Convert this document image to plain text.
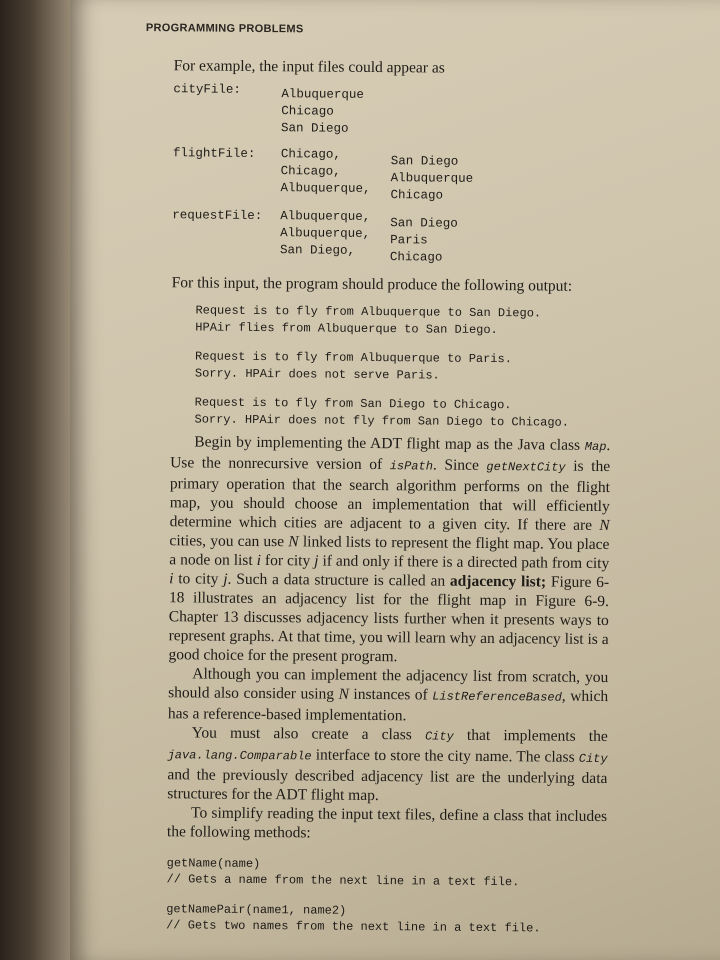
PROGRAMMING PROBLEMS

For example, the input files could appear as

cityFile:	Albuquerque
Chicago
San Diego
flightFile: Chicago,
Chicago,
Albuquerque,
San Diego
Albuquerque
Chicago
requestFile: Albuquerque,
Albuquerque,
San Diego,
San Diego
Paris
Chicago

For this input, the program should produce the following output:

Request is to fly from Albuquerque to San Diego.
HPAir flies from Albuquerque to San Diego.
Request is to fly from Albuquerque to Paris.
Sorry. HPAir does not serve Paris.
Request is to fly from San Diego to Chicago.
Sorry. HPAir does not fly from San Diego to Chicago.

Begin by implementing the ADT flight map as the Java class Map. Use the nonrecursive version of isPath. Since getNextCity is the primary operation that the search algorithm performs on the flight map, you should choose an implementation that will efficiently determine which cities are adjacent to a given city. If there are N cities, you can use N linked lists to represent the flight map. You place a node on list i for city j if and only if there is a directed path from city i to city j. Such a data structure is called an adjacency list; Figure 6-18 illustrates an adjacency list for the flight map in Figure 6-9. Chapter 13 discusses adjacency lists further when it presents ways to represent graphs. At that time, you will learn why an adjacency list is a good choice for the present program.

Although you can implement the adjacency list from scratch, you should also consider using N instances of ListReferenceBased, which has a reference-based implementation.

You must also create a class City that implements the java.lang.Comparable interface to store the city name. The class City and the previously described adjacency list are the underlying data structures for the ADT flight map.

To simplify reading the input text files, define a class that includes the following methods:

getName(name)
// Gets a name from the next line in a text file.
getNamePair(name1, name2)
// Gets two names from the next line in a text file.
